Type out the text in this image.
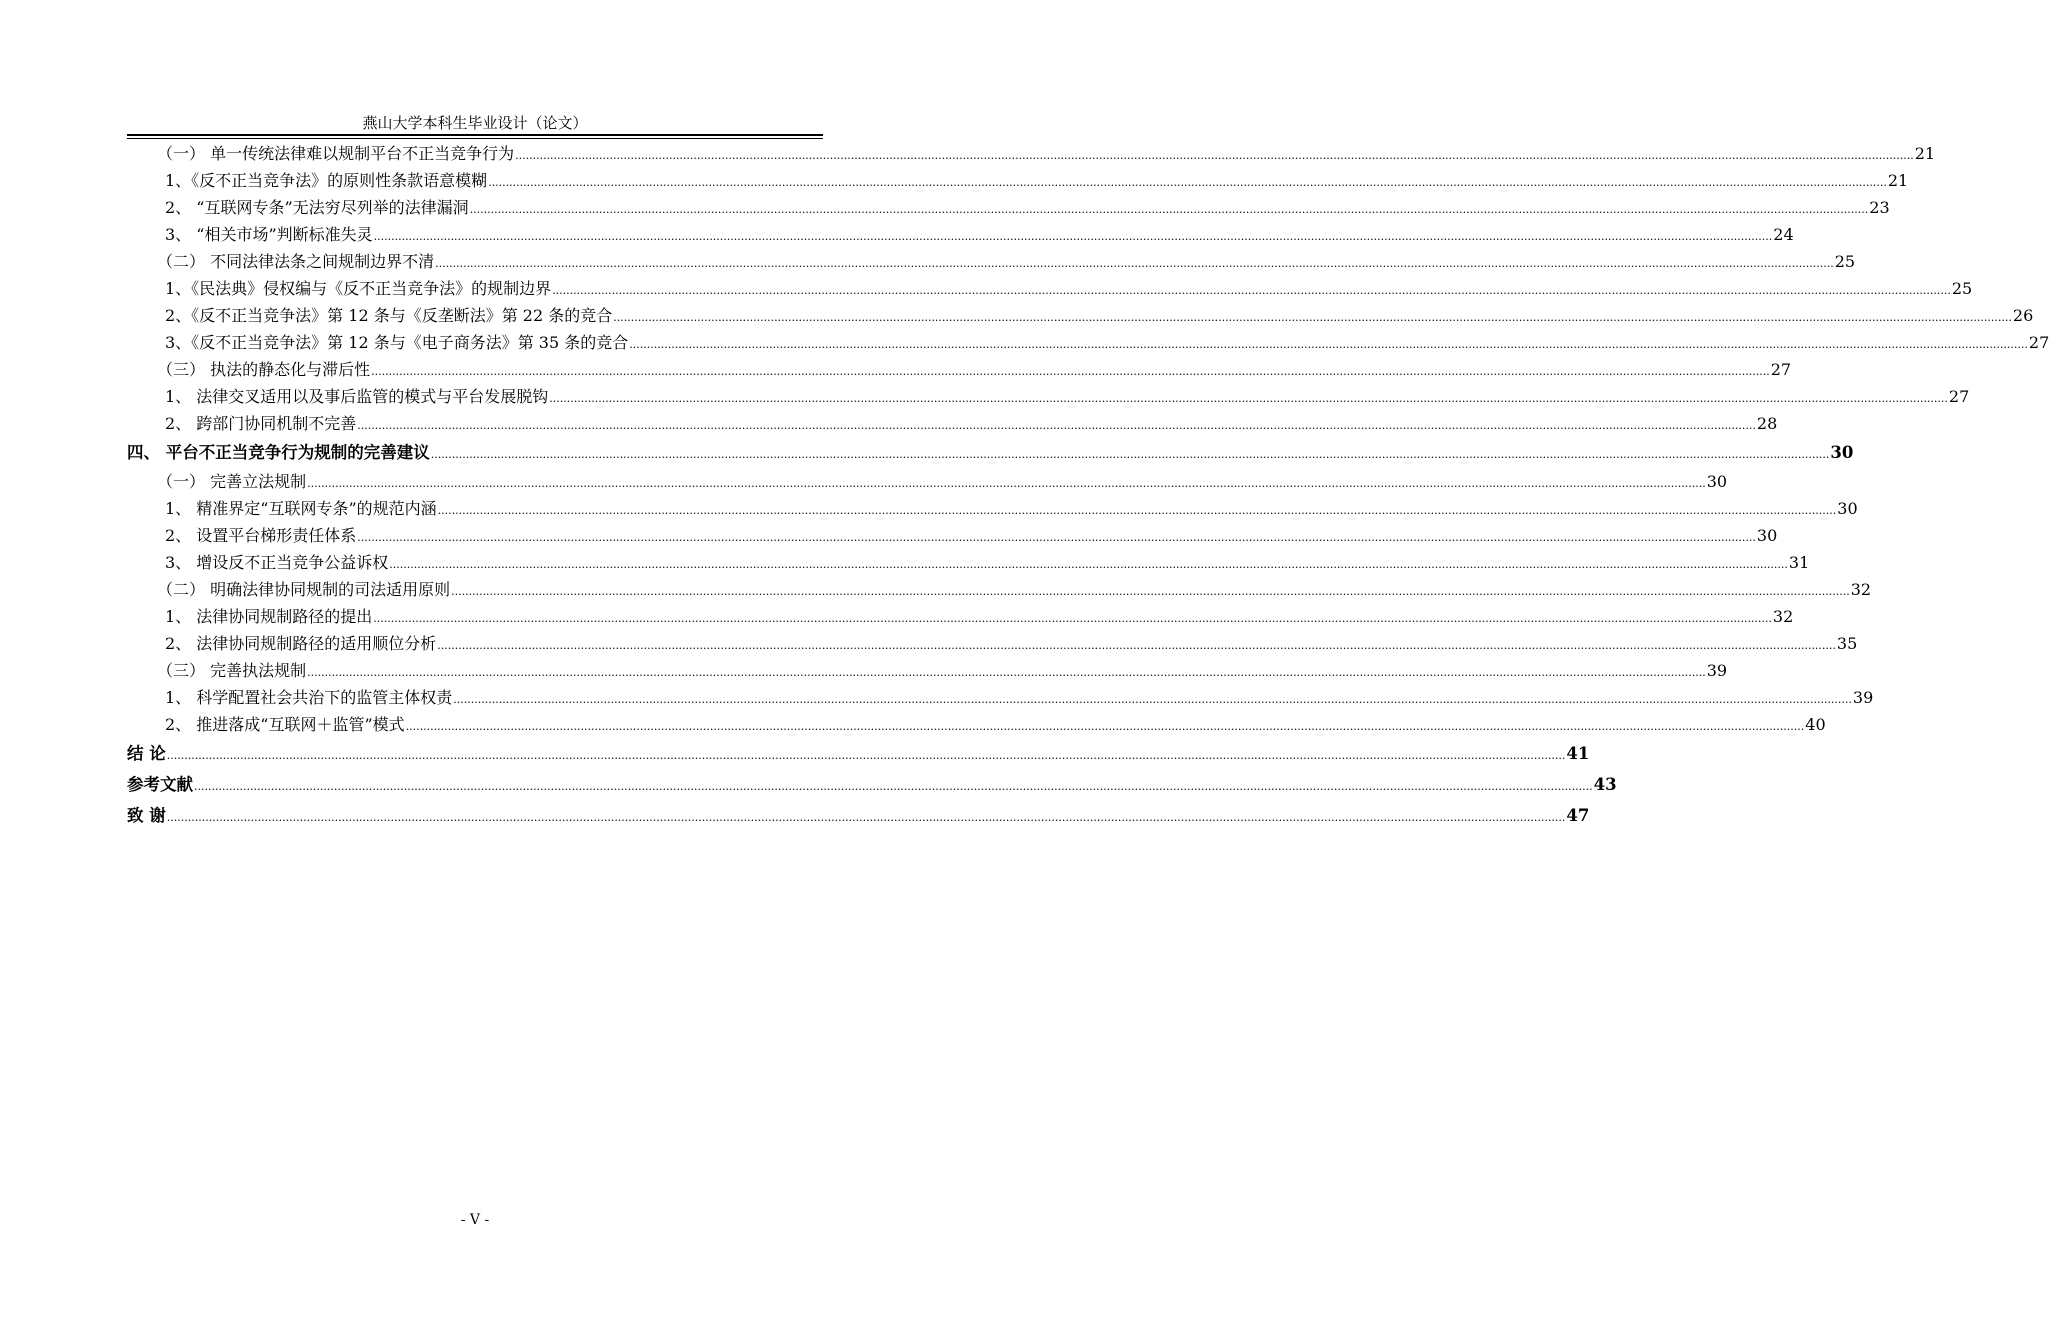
燕山大学本科生毕业设计（论文）
（一） 单一传统法律难以规制平台不正当竞争行为 ................................................................................................................................................................................................................................................................................................................................................................................................................ 21
1、《反不正当竞争法》的原则性条款语意模糊 ................................................................................................................................................................................................................................................................................................................................................................................................................ 21
2、 “互联网专条”无法穷尽列举的法律漏洞 ................................................................................................................................................................................................................................................................................................................................................................................................................ 23
3、 “相关市场”判断标准失灵 ................................................................................................................................................................................................................................................................................................................................................................................................................ 24
（二） 不同法律法条之间规制边界不清 ................................................................................................................................................................................................................................................................................................................................................................................................................ 25
1、《民法典》侵权编与《反不正当竞争法》的规制边界 ................................................................................................................................................................................................................................................................................................................................................................................................................ 25
2、《反不正当竞争法》第 12 条与《反垄断法》第 22 条的竞合 ................................................................................................................................................................................................................................................................................................................................................................................................................ 26
3、《反不正当竞争法》第 12 条与《电子商务法》第 35 条的竞合 ................................................................................................................................................................................................................................................................................................................................................................................................................ 27
（三） 执法的静态化与滞后性 ................................................................................................................................................................................................................................................................................................................................................................................................................ 27
1、 法律交叉适用以及事后监管的模式与平台发展脱钩 ................................................................................................................................................................................................................................................................................................................................................................................................................ 27
2、 跨部门协同机制不完善 ................................................................................................................................................................................................................................................................................................................................................................................................................ 28
四、 平台不正当竞争行为规制的完善建议 ................................................................................................................................................................................................................................................................................................................................................................................................................ 30
（一） 完善立法规制 ................................................................................................................................................................................................................................................................................................................................................................................................................ 30
1、 精准界定“互联网专条”的规范内涵 ................................................................................................................................................................................................................................................................................................................................................................................................................ 30
2、 设置平台梯形责任体系 ................................................................................................................................................................................................................................................................................................................................................................................................................ 30
3、 增设反不正当竞争公益诉权 ................................................................................................................................................................................................................................................................................................................................................................................................................ 31
（二） 明确法律协同规制的司法适用原则 ................................................................................................................................................................................................................................................................................................................................................................................................................ 32
1、 法律协同规制路径的提出 ................................................................................................................................................................................................................................................................................................................................................................................................................ 32
2、 法律协同规制路径的适用顺位分析 ................................................................................................................................................................................................................................................................................................................................................................................................................ 35
（三） 完善执法规制 ................................................................................................................................................................................................................................................................................................................................................................................................................ 39
1、 科学配置社会共治下的监管主体权责 ................................................................................................................................................................................................................................................................................................................................................................................................................ 39
2、 推进落成“互联网＋监管”模式 ................................................................................................................................................................................................................................................................................................................................................................................................................ 40
结 论 ................................................................................................................................................................................................................................................................................................................................................................................................................ 41
参考文献 ................................................................................................................................................................................................................................................................................................................................................................................................................ 43
致 谢 ................................................................................................................................................................................................................................................................................................................................................................................................................ 47
- V -
